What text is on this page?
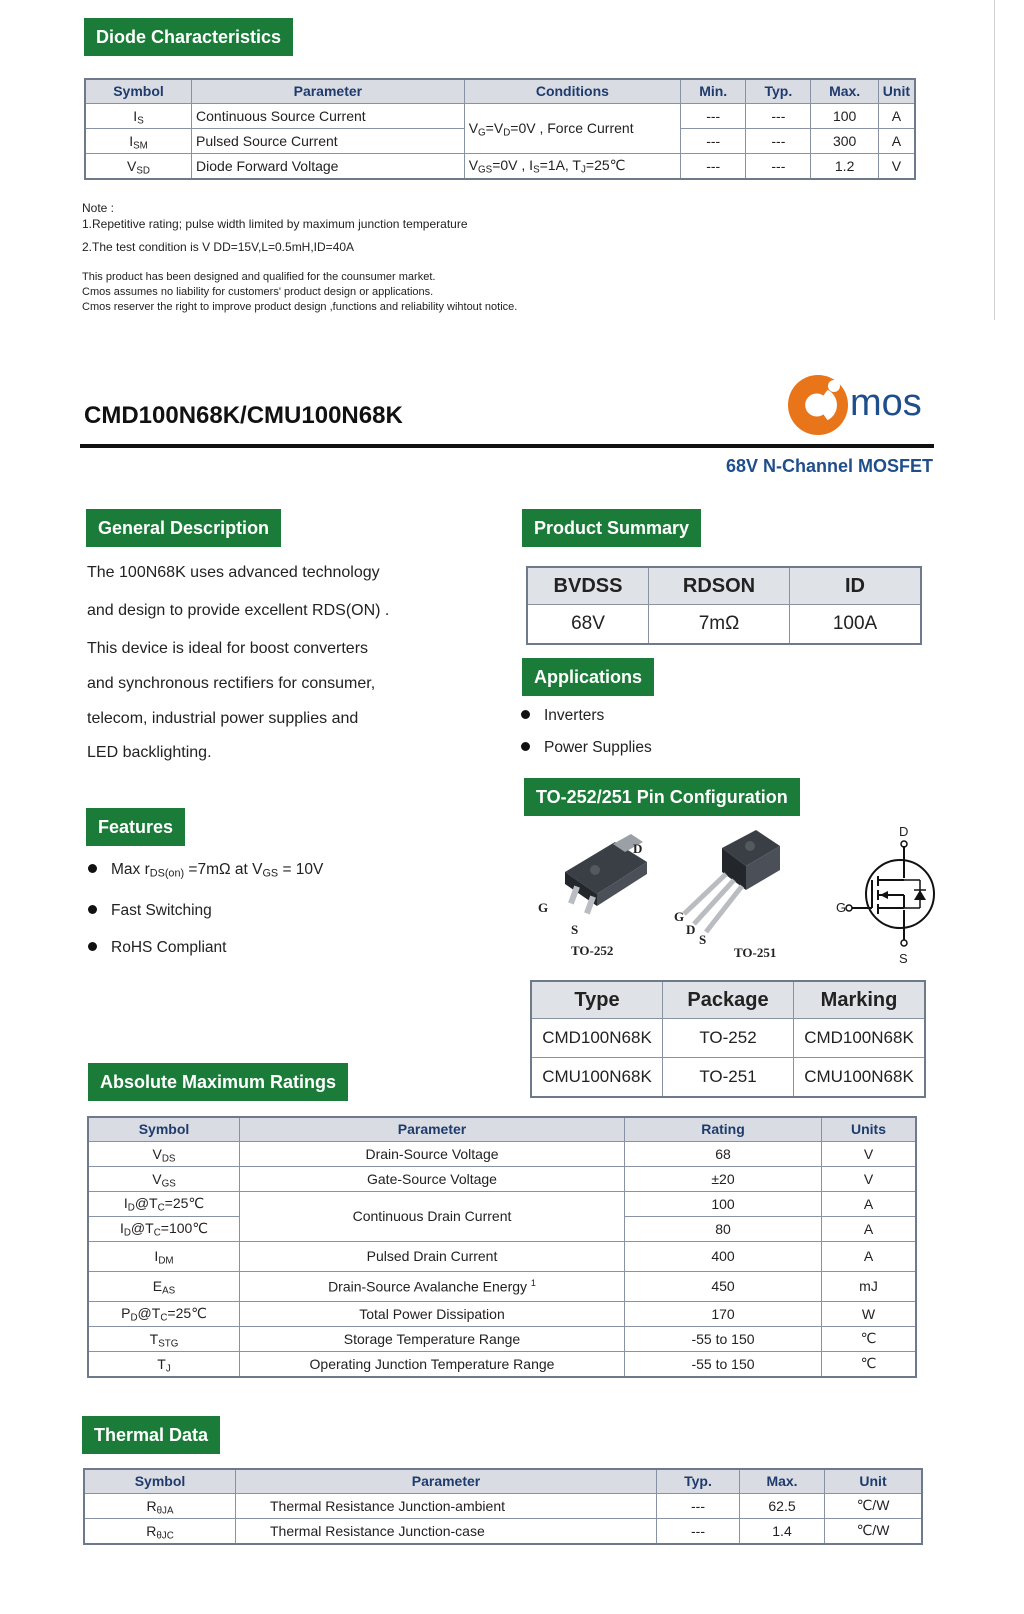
Diode Characteristics
Symbol	Parameter	Conditions	Min.	Typ.	Max.	Unit
$I_S$	Continuous Source Current	$V_G=V_D=0V$ , Force Current	---	---	100	A
$I_{SM}$	Pulsed Source Current		---	---	300	A
$V_{SD}$	Diode Forward Voltage	$V_{GS}=0V$ , $I_S=1A$, $T_J=25℃$	---	---	1.2	V
Note :
1.Repetitive rating; pulse width limited by maximum junction temperature
2.The test condition is V DD=15V,L=0.5mH,ID=40A
This product has been designed and qualified for the counsumer market.
Cmos assumes no liability for customers' product design or applications.
Cmos reserver the right to improve product design ,functions and reliability wihtout notice.
CMD100N68K/CMU100N68K	mos
68V N-Channel MOSFET
General Description
The 100N68K uses advanced technology
and design to provide excellent RDS(ON) .
This device is ideal for boost converters
and synchronous rectifiers for consumer,
telecom, industrial power supplies and
LED backlighting.
Features
Max $r_{DS(on)} =7m\Omega$ at $V_{GS} = 10V$
Fast Switching
RoHS Compliant
Product Summary
BVDSS	RDSON	ID
68V	7mΩ	100A
Applications
Inverters
Power Supplies
TO-252/251 Pin Configuration
G
D
S
TO-252
G
D
S
TO-251
D
G
S
Type	Package	Marking
CMD100N68K	TO-252	CMD100N68K
CMU100N68K	TO-251	CMU100N68K
Absolute Maximum Ratings
Symbol	Parameter	Rating	Units
$V_{DS}$	Drain-Source Voltage	68	V
$V_{GS}$	Gate-Source Voltage	±20	V
$I_D@T_C=25℃$	Continuous Drain Current	100	A
$I_D@T_C=100℃$		80	A
$I_{DM}$	Pulsed Drain Current	400	A
$E_{AS}$	Drain-Source Avalanche Energy $^1$	450	mJ
$P_D@T_C=25℃$	Total Power Dissipation	170	W
$T_{STG}$	Storage Temperature Range	-55 to 150	℃
$T_J$	Operating Junction Temperature Range	-55 to 150	℃
Thermal Data
Symbol	Parameter	Typ.	Max.	Unit
$R_{\theta JA}$	Thermal Resistance Junction-ambient	---	62.5	℃/W
$R_{\theta JC}$	Thermal Resistance Junction-case	---	1.4	℃/W
